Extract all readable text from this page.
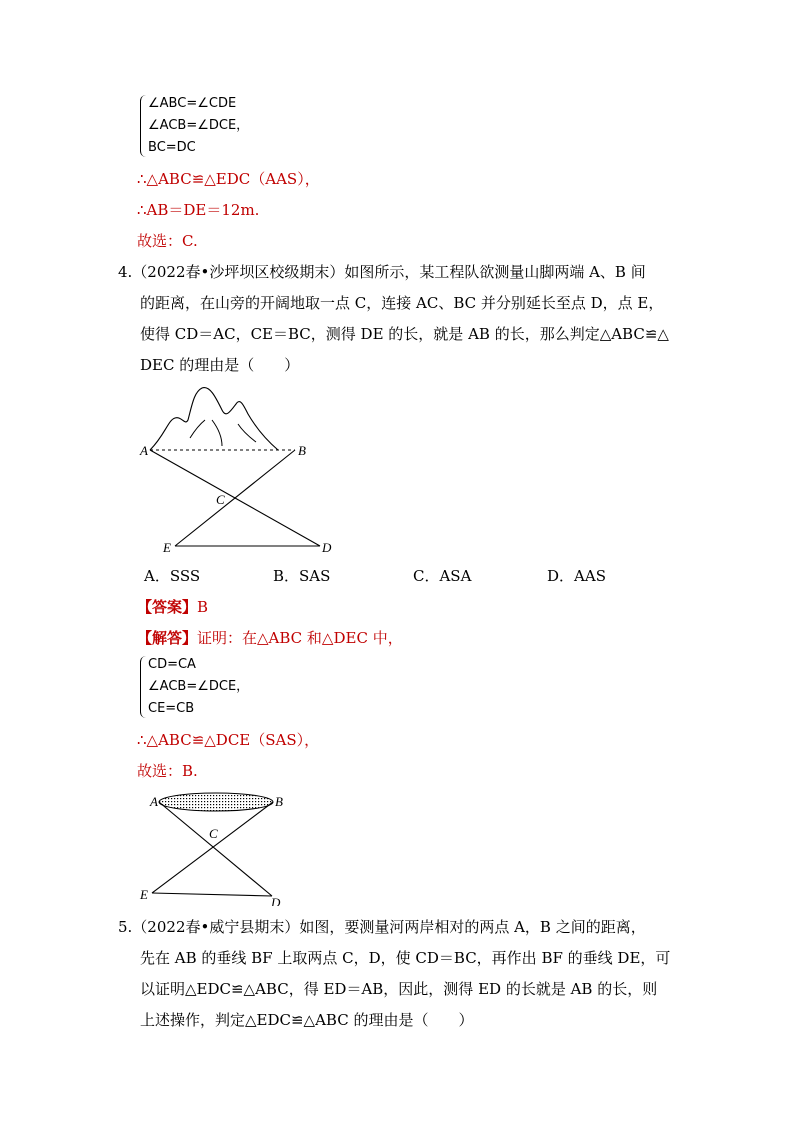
∠ABC=∠CDE
∠ACB=∠DCE，
BC=DC
∴△ABC≌△EDC（AAS），
∴AB＝DE＝12m.
故选：C.
4.（2022春•沙坪坝区校级期末）如图所示，某工程队欲测量山脚两端 A、B 间
的距离，在山旁的开阔地取一点 C，连接 AC、BC 并分别延长至点 D，点 E，
使得 CD＝AC，CE＝BC，测得 DE 的长，就是 AB 的长，那么判定△ABC≌△
DEC 的理由是（　　）
A	B
C
E	D
A．SSS	B．SAS	C．ASA	D．AAS
【答案】B
【解答】证明：在△ABC 和△DEC 中，
CD=CA
∠ACB=∠DCE，
CE=CB
∴△ABC≌△DCE（SAS），
故选：B.
A	B
C
E
D
5.（2022春•威宁县期末）如图，要测量河两岸相对的两点 A，B 之间的距离，
先在 AB 的垂线 BF 上取两点 C，D，使 CD＝BC，再作出 BF 的垂线 DE，可
以证明△EDC≌△ABC，得 ED＝AB，因此，测得 ED 的长就是 AB 的长，则
上述操作，判定△EDC≌△ABC 的理由是（　　）
